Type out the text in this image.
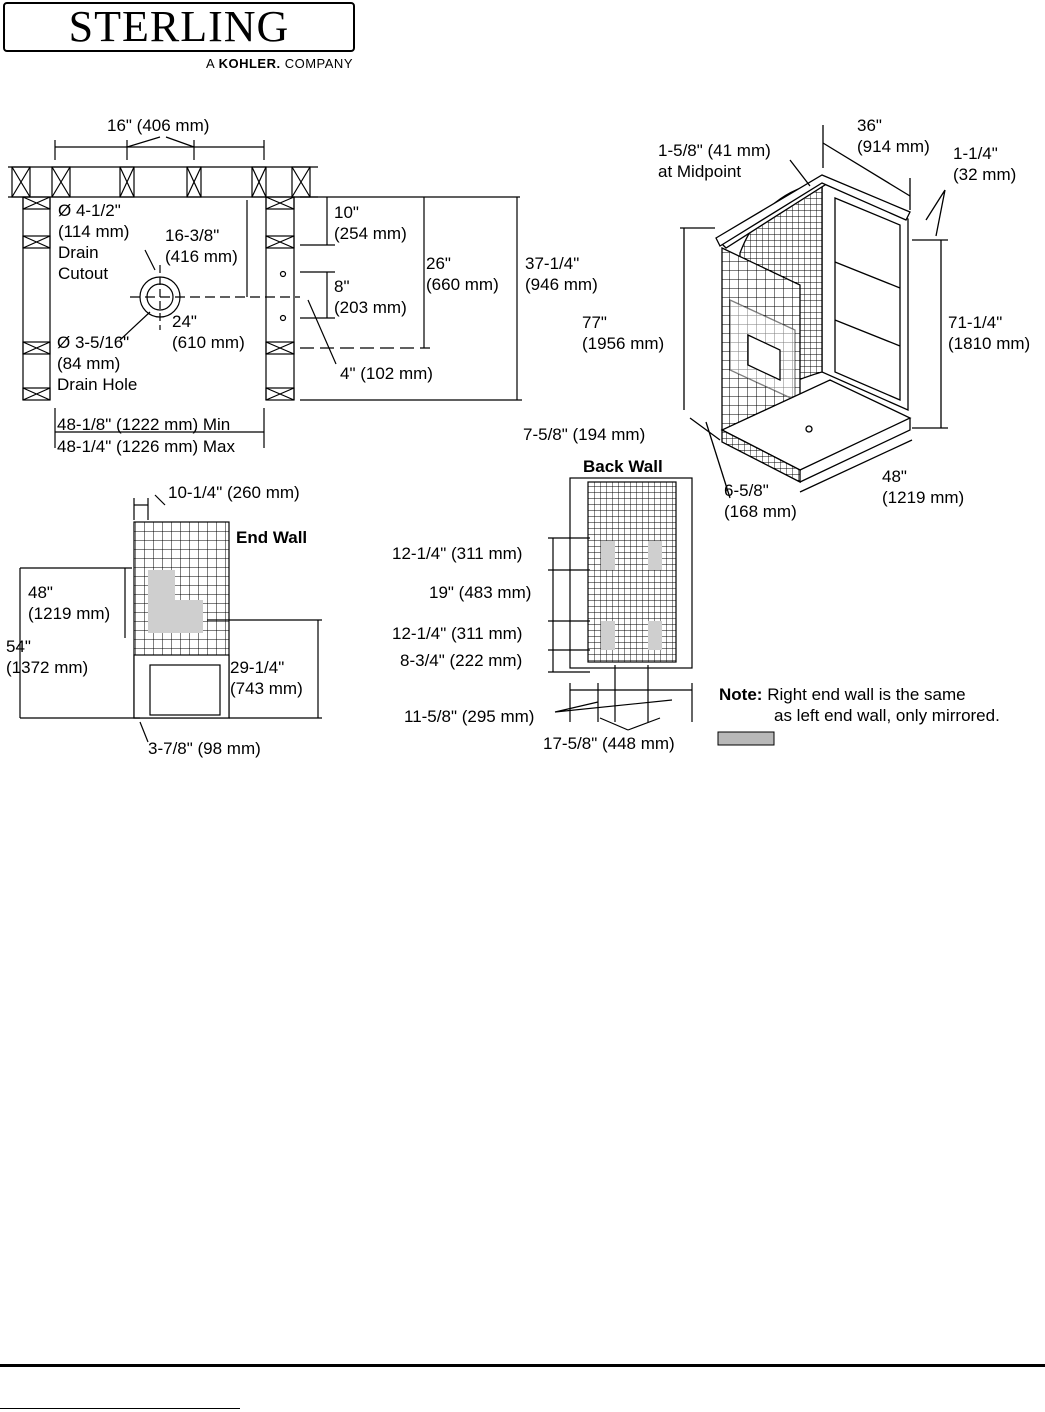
STERLING
A KOHLER. COMPANY
16" (406 mm)
Ø 4-1/2"
(114 mm)
Drain
Cutout
16-3/8"
(416 mm)
24"
(610 mm)
Ø 3-5/16"
(84 mm)
Drain Hole
10"
(254 mm)
8"
(203 mm)
4" (102 mm)
26"
(660 mm)
37-1/4"
(946 mm)
48-1/8" (1222 mm) Min
48-1/4" (1226 mm) Max
36"
(914 mm)
1-5/8" (41 mm)
at Midpoint
1-1/4"
(32 mm)
77"
(1956 mm)
71-1/4"
(1810 mm)
7-5/8" (194 mm)
6-5/8"
(168 mm)
48"
(1219 mm)
End Wall
10-1/4" (260 mm)
48"
(1219 mm)
54"
(1372 mm)	29-1/4"
(743 mm)
3-7/8" (98 mm)
Back Wall
12-1/4" (311 mm)
19" (483 mm)
12-1/4" (311 mm)
8-3/4" (222 mm)
11-5/8" (295 mm)
17-5/8" (448 mm)
Note: Right end wall is the same
as left end wall, only mirrored.
